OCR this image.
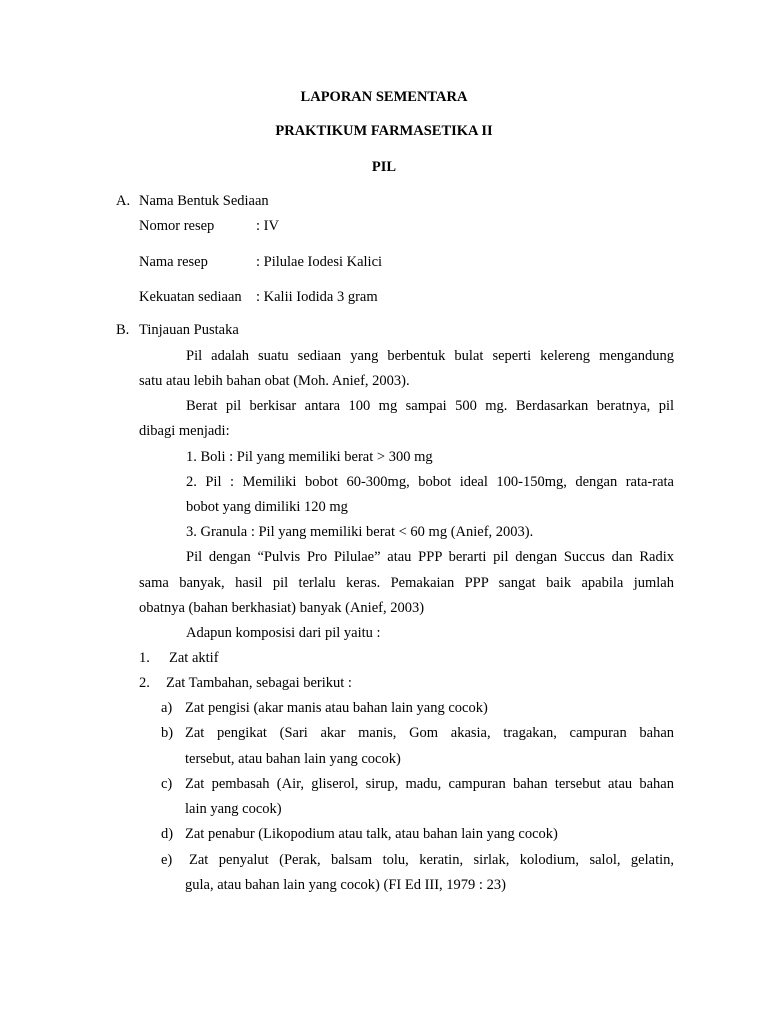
LAPORAN SEMENTARA
PRAKTIKUM FARMASETIKA II
PIL
A. Nama Bentuk Sediaan
Nomor resep	: IV
Nama resep	: Pilulae Iodesi Kalici
Kekuatan sediaan : Kalii Iodida 3 gram
B. Tinjauan Pustaka
Pil adalah suatu sediaan yang berbentuk bulat seperti kelereng mengandung
satu atau lebih bahan obat (Moh. Anief, 2003).
Berat pil berkisar antara 100 mg sampai 500 mg. Berdasarkan beratnya, pil
dibagi menjadi:
1. Boli : Pil yang memiliki berat > 300 mg
2. Pil : Memiliki bobot 60-300mg, bobot ideal 100-150mg, dengan rata-rata
bobot yang dimiliki 120 mg
3. Granula : Pil yang memiliki berat < 60 mg (Anief, 2003).
Pil dengan “Pulvis Pro Pilulae” atau PPP berarti pil dengan Succus dan Radix
sama banyak, hasil pil terlalu keras. Pemakaian PPP sangat baik apabila jumlah
obatnya (bahan berkhasiat) banyak (Anief, 2003)
Adapun komposisi dari pil yaitu :
1. Zat aktif
2. Zat Tambahan, sebagai berikut :
a) Zat pengisi (akar manis atau bahan lain yang cocok)
b) Zat pengikat (Sari akar manis, Gom akasia, tragakan, campuran bahan
tersebut, atau bahan lain yang cocok)
c) Zat pembasah (Air, gliserol, sirup, madu, campuran bahan tersebut atau bahan
lain yang cocok)
d) Zat penabur (Likopodium atau talk, atau bahan lain yang cocok)
e) Zat penyalut (Perak, balsam tolu, keratin, sirlak, kolodium, salol, gelatin,
gula, atau bahan lain yang cocok) (FI Ed III, 1979 : 23)
